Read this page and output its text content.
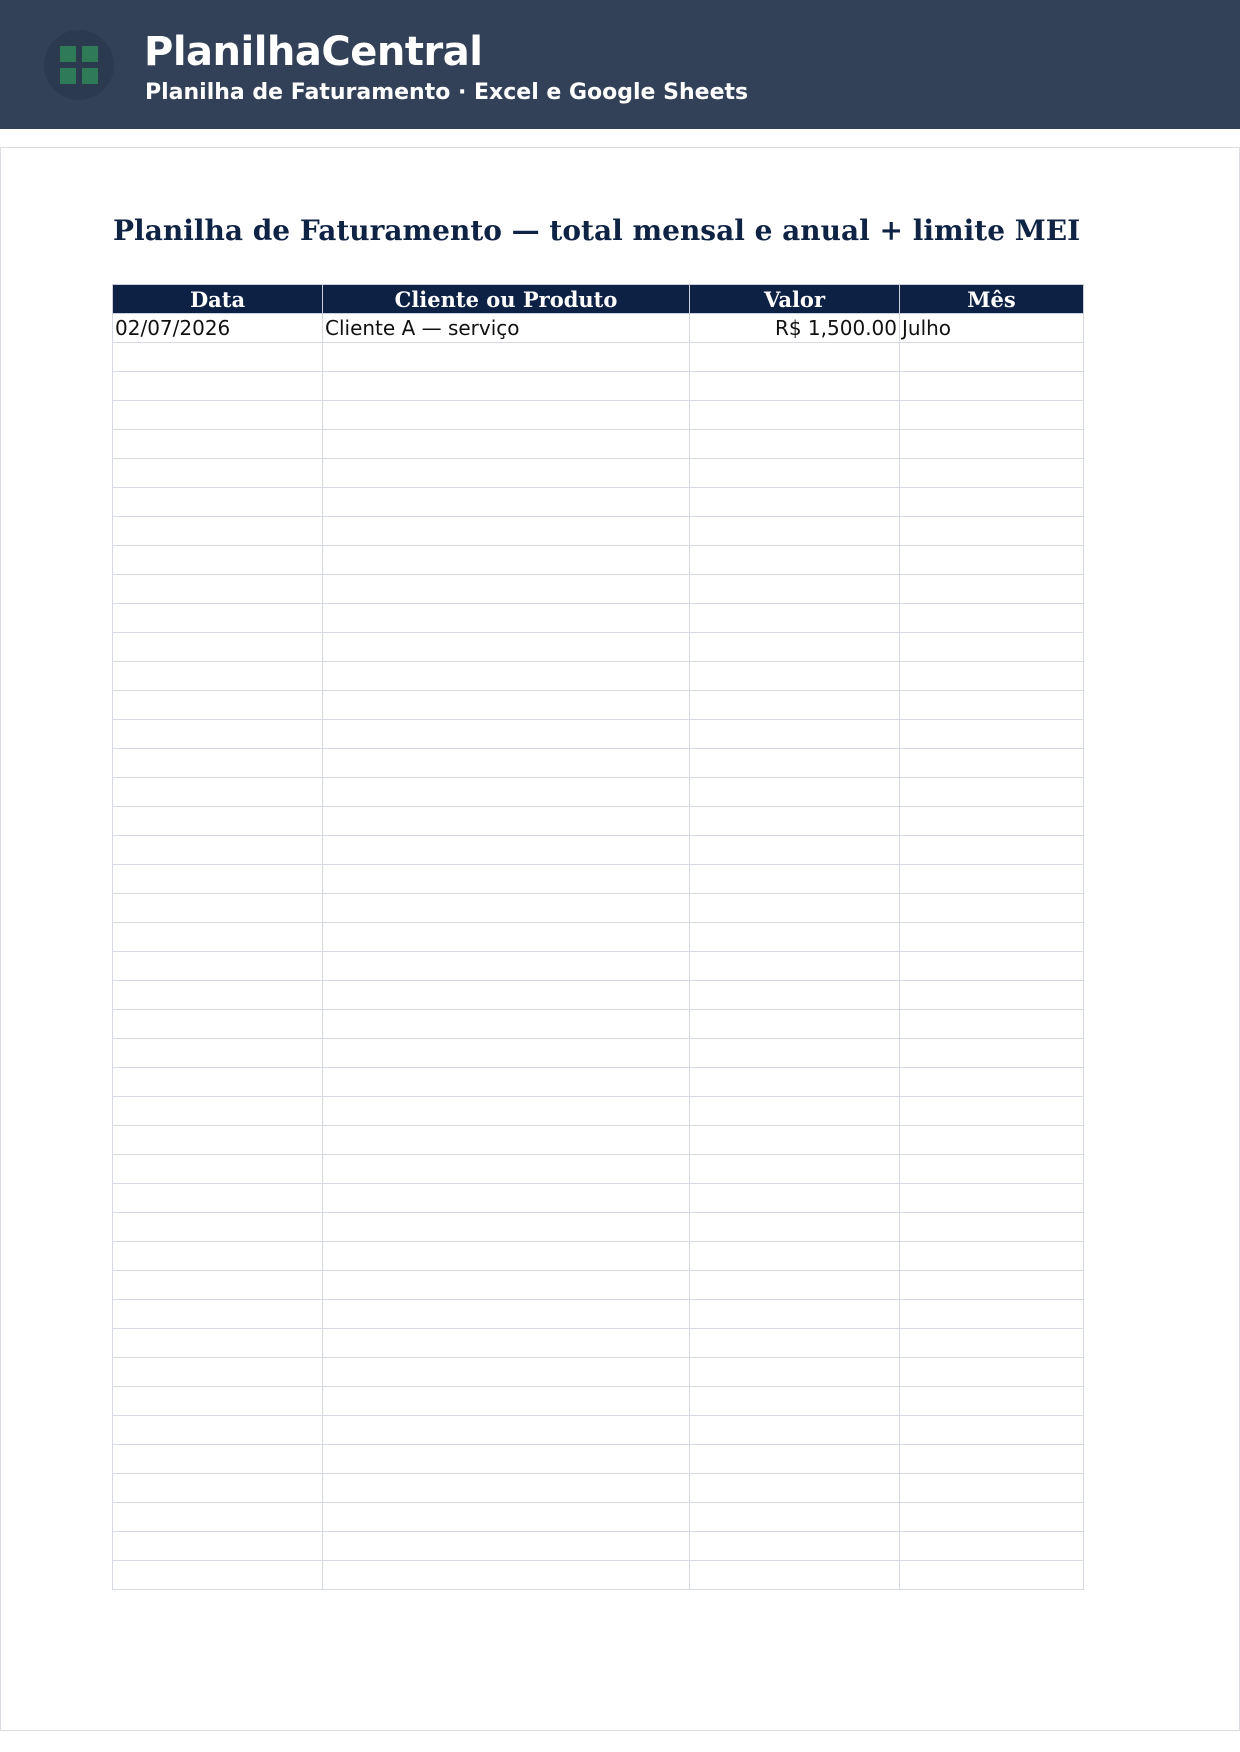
PlanilhaCentral
Planilha de Faturamento · Excel e Google Sheets
Planilha de Faturamento — total mensal e anual + limite MEI
Data	Cliente ou Produto	Valor	Mês
02/07/2026	Cliente A — serviço	R$ 1,500.00	Julho
